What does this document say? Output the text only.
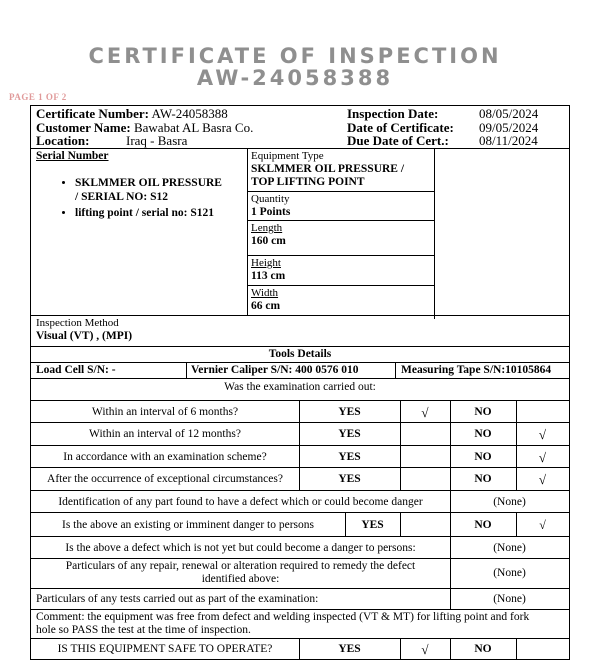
CERTIFICATE OF INSPECTION
AW-24058388
PAGE 1 OF 2
Certificate Number: AW-24058388
Customer Name: Bawabat AL Basra Co.
Location:	Iraq - Basra
Inspection Date:	08/05/2024
Date of Certificate: 09/05/2024
Due Date of Cert.: 08/11/2024
Serial Number
• SKLMMER OIL PRESSURE
/ SERIAL NO: S12
• lifting point / serial no: S121
Equipment Type
SKLMMER OIL PRESSURE /
TOP LIFTING POINT
Quantity
1 Points
Length
160 cm
Height
113 cm
Width
66 cm
Inspection Method
Visual (VT) , (MPI)
Tools Details
Load Cell S/N: -	Vernier Caliper S/N: 400 0576 010	Measuring Tape S/N:10105864
Was the examination carried out:
Within an interval of 6 months?	YES	√	NO
Within an interval of 12 months?	YES	NO	√
In accordance with an examination scheme?	YES	NO	√
After the occurrence of exceptional circumstances?	YES	NO	√
Identification of any part found to have a defect which or could become danger	(None)
Is the above an existing or imminent danger to persons	YES	NO	√
Is the above a defect which is not yet but could become a danger to persons:	(None)
Particulars of any repair, renewal or alteration required to remedy the defect
identified above:	(None)
Particulars of any tests carried out as part of the examination:	(None)
Comment: the equipment was free from defect and welding inspected (VT & MT) for lifting point and fork
hole so PASS the test at the time of inspection.
IS THIS EQUIPMENT SAFE TO OPERATE?	YES	√	NO
